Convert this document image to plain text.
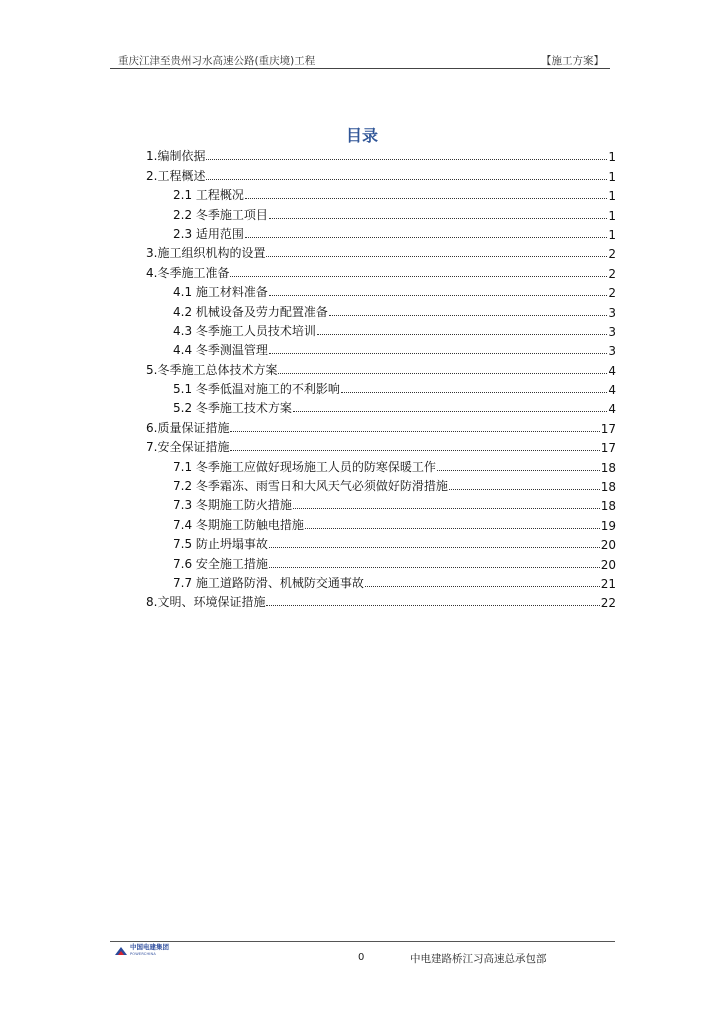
重庆江津至贵州习水高速公路(重庆境)工程	【施工方案】
目录
1.编制依据	1
2.工程概述	1
2.1 工程概况	1
2.2 冬季施工项目	1
2.3 适用范围	1
3.施工组织机构的设置	2
4.冬季施工准备	2
4.1 施工材料准备	2
4.2 机械设备及劳力配置准备	3
4.3 冬季施工人员技术培训	3
4.4 冬季测温管理	3
5.冬季施工总体技术方案	4
5.1 冬季低温对施工的不利影响	4
5.2 冬季施工技术方案	4
6.质量保证措施	17
7.安全保证措施	17
7.1 冬季施工应做好现场施工人员的防寒保暖工作	18
7.2 冬季霜冻、雨雪日和大风天气必须做好防滑措施	18
7.3 冬期施工防火措施	18
7.4 冬期施工防触电措施	19
7.5 防止坍塌事故	20
7.6 安全施工措施	20
7.7 施工道路防滑、机械防交通事故	21
8.文明、环境保证措施	22
中国电建集团
POWERCHINA	0	中电建路桥江习高速总承包部
